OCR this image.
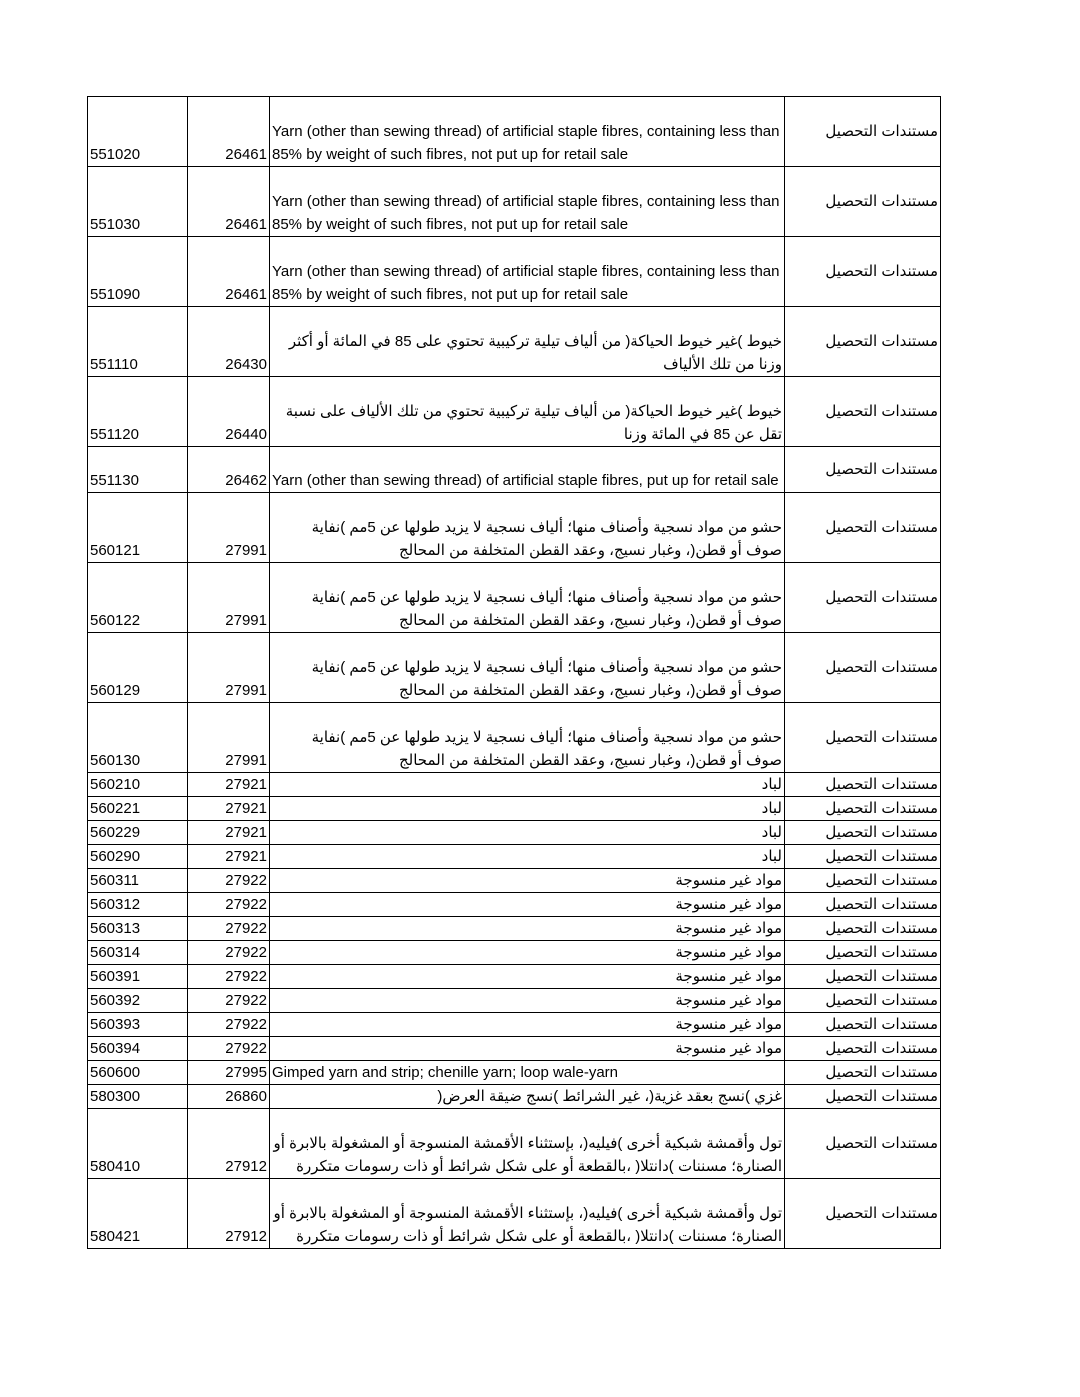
551020	26461	Yarn (other than sewing thread) of artificial staple fibres, containing less than 85% by weight of such fibres, not put up for retail sale	مستندات التحصيل
551030	26461	Yarn (other than sewing thread) of artificial staple fibres, containing less than 85% by weight of such fibres, not put up for retail sale	مستندات التحصيل
551090	26461	Yarn (other than sewing thread) of artificial staple fibres, containing less than 85% by weight of such fibres, not put up for retail sale	مستندات التحصيل
551110	26430	خيوط )غير خيوط الحياكة( من ألياف تيلية تركيبية تحتوي على 85 في المائة أو أكثر وزنا من تلك الألياف	مستندات التحصيل
551120	26440	خيوط )غير خيوط الحياكة( من ألياف تيلية تركيبية تحتوي من تلك الألياف على نسبة تقل عن 85 في المائة وزنا	مستندات التحصيل
551130	26462	Yarn (other than sewing thread) of artificial staple fibres, put up for retail sale	مستندات التحصيل
560121	27991	حشو من مواد نسجية وأصناف منها؛ ألياف نسجية لا يزيد طولها عن 5مم )نفاية صوف أو قطن(، وغبار نسيج، وعقد القطن المتخلفة من المحالج	مستندات التحصيل
560122	27991	حشو من مواد نسجية وأصناف منها؛ ألياف نسجية لا يزيد طولها عن 5مم )نفاية صوف أو قطن(، وغبار نسيج، وعقد القطن المتخلفة من المحالج	مستندات التحصيل
560129	27991	حشو من مواد نسجية وأصناف منها؛ ألياف نسجية لا يزيد طولها عن 5مم )نفاية صوف أو قطن(، وغبار نسيج، وعقد القطن المتخلفة من المحالج	مستندات التحصيل
560130	27991	حشو من مواد نسجية وأصناف منها؛ ألياف نسجية لا يزيد طولها عن 5مم )نفاية صوف أو قطن(، وغبار نسيج، وعقد القطن المتخلفة من المحالج	مستندات التحصيل
560210	27921	لباد	مستندات التحصيل
560221	27921	لباد	مستندات التحصيل
560229	27921	لباد	مستندات التحصيل
560290	27921	لباد	مستندات التحصيل
560311	27922	مواد غير منسوجة	مستندات التحصيل
560312	27922	مواد غير منسوجة	مستندات التحصيل
560313	27922	مواد غير منسوجة	مستندات التحصيل
560314	27922	مواد غير منسوجة	مستندات التحصيل
560391	27922	مواد غير منسوجة	مستندات التحصيل
560392	27922	مواد غير منسوجة	مستندات التحصيل
560393	27922	مواد غير منسوجة	مستندات التحصيل
560394	27922	مواد غير منسوجة	مستندات التحصيل
560600	27995	Gimped yarn and strip; chenille yarn; loop wale-yarn	مستندات التحصيل
580300	26860	غزي )نسج بعقد غزية(، غير الشرائط )نسج ضيقة العرض(	مستندات التحصيل
580410	27912	تول وأقمشة شبكية أخرى )فيليه(، بإستثناء الأقمشة المنسوجة أو المشغولة بالابرة أو الصنارة؛ مسننات )دانتلا( ،بالقطعة أو على شكل شرائط أو ذات رسومات متكررة	مستندات التحصيل
580421	27912	تول وأقمشة شبكية أخرى )فيليه(، بإستثناء الأقمشة المنسوجة أو المشغولة بالابرة أو الصنارة؛ مسننات )دانتلا( ،بالقطعة أو على شكل شرائط أو ذات رسومات متكررة	مستندات التحصيل
